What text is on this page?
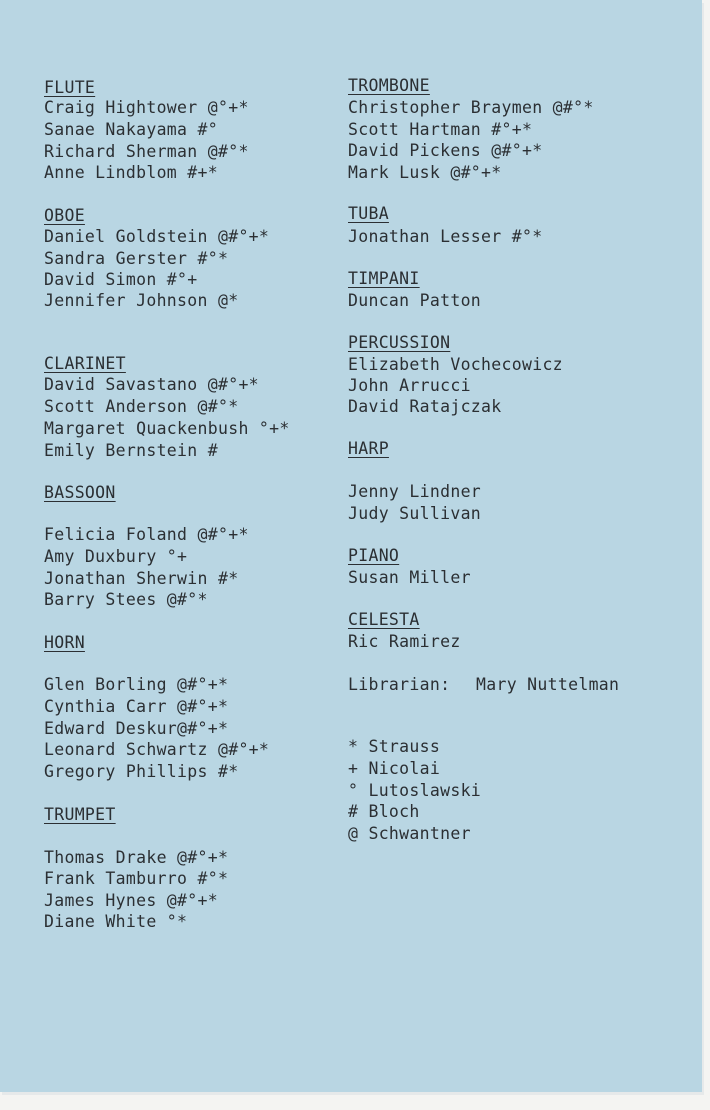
FLUTE
Craig Hightower @°+*
Sanae Nakayama #°
Richard Sherman @#°*
Anne Lindblom #+*
OBOE
Daniel Goldstein @#°+*
Sandra Gerster #°*
David Simon #°+
Jennifer Johnson @*
CLARINET
David Savastano @#°+*
Scott Anderson @#°*
Margaret Quackenbush °+*
Emily Bernstein #
BASSOON
Felicia Foland @#°+*
Amy Duxbury °+
Jonathan Sherwin #*
Barry Stees @#°*
HORN
Glen Borling @#°+*
Cynthia Carr @#°+*
Edward Deskur@#°+*
Leonard Schwartz @#°+*
Gregory Phillips #*
TRUMPET
Thomas Drake @#°+*
Frank Tamburro #°*
James Hynes @#°+*
Diane White °*
TROMBONE
Christopher Braymen @#°*
Scott Hartman #°+*
David Pickens @#°+*
Mark Lusk @#°+*
TUBA
Jonathan Lesser #°*
TIMPANI
Duncan Patton
PERCUSSION
Elizabeth Vochecowicz
John Arrucci
David Ratajczak
HARP
Jenny Lindner
Judy Sullivan
PIANO
Susan Miller
CELESTA
Ric Ramirez
Librarian: Mary Nuttelman
* Strauss
+ Nicolai
° Lutoslawski
# Bloch
@ Schwantner
